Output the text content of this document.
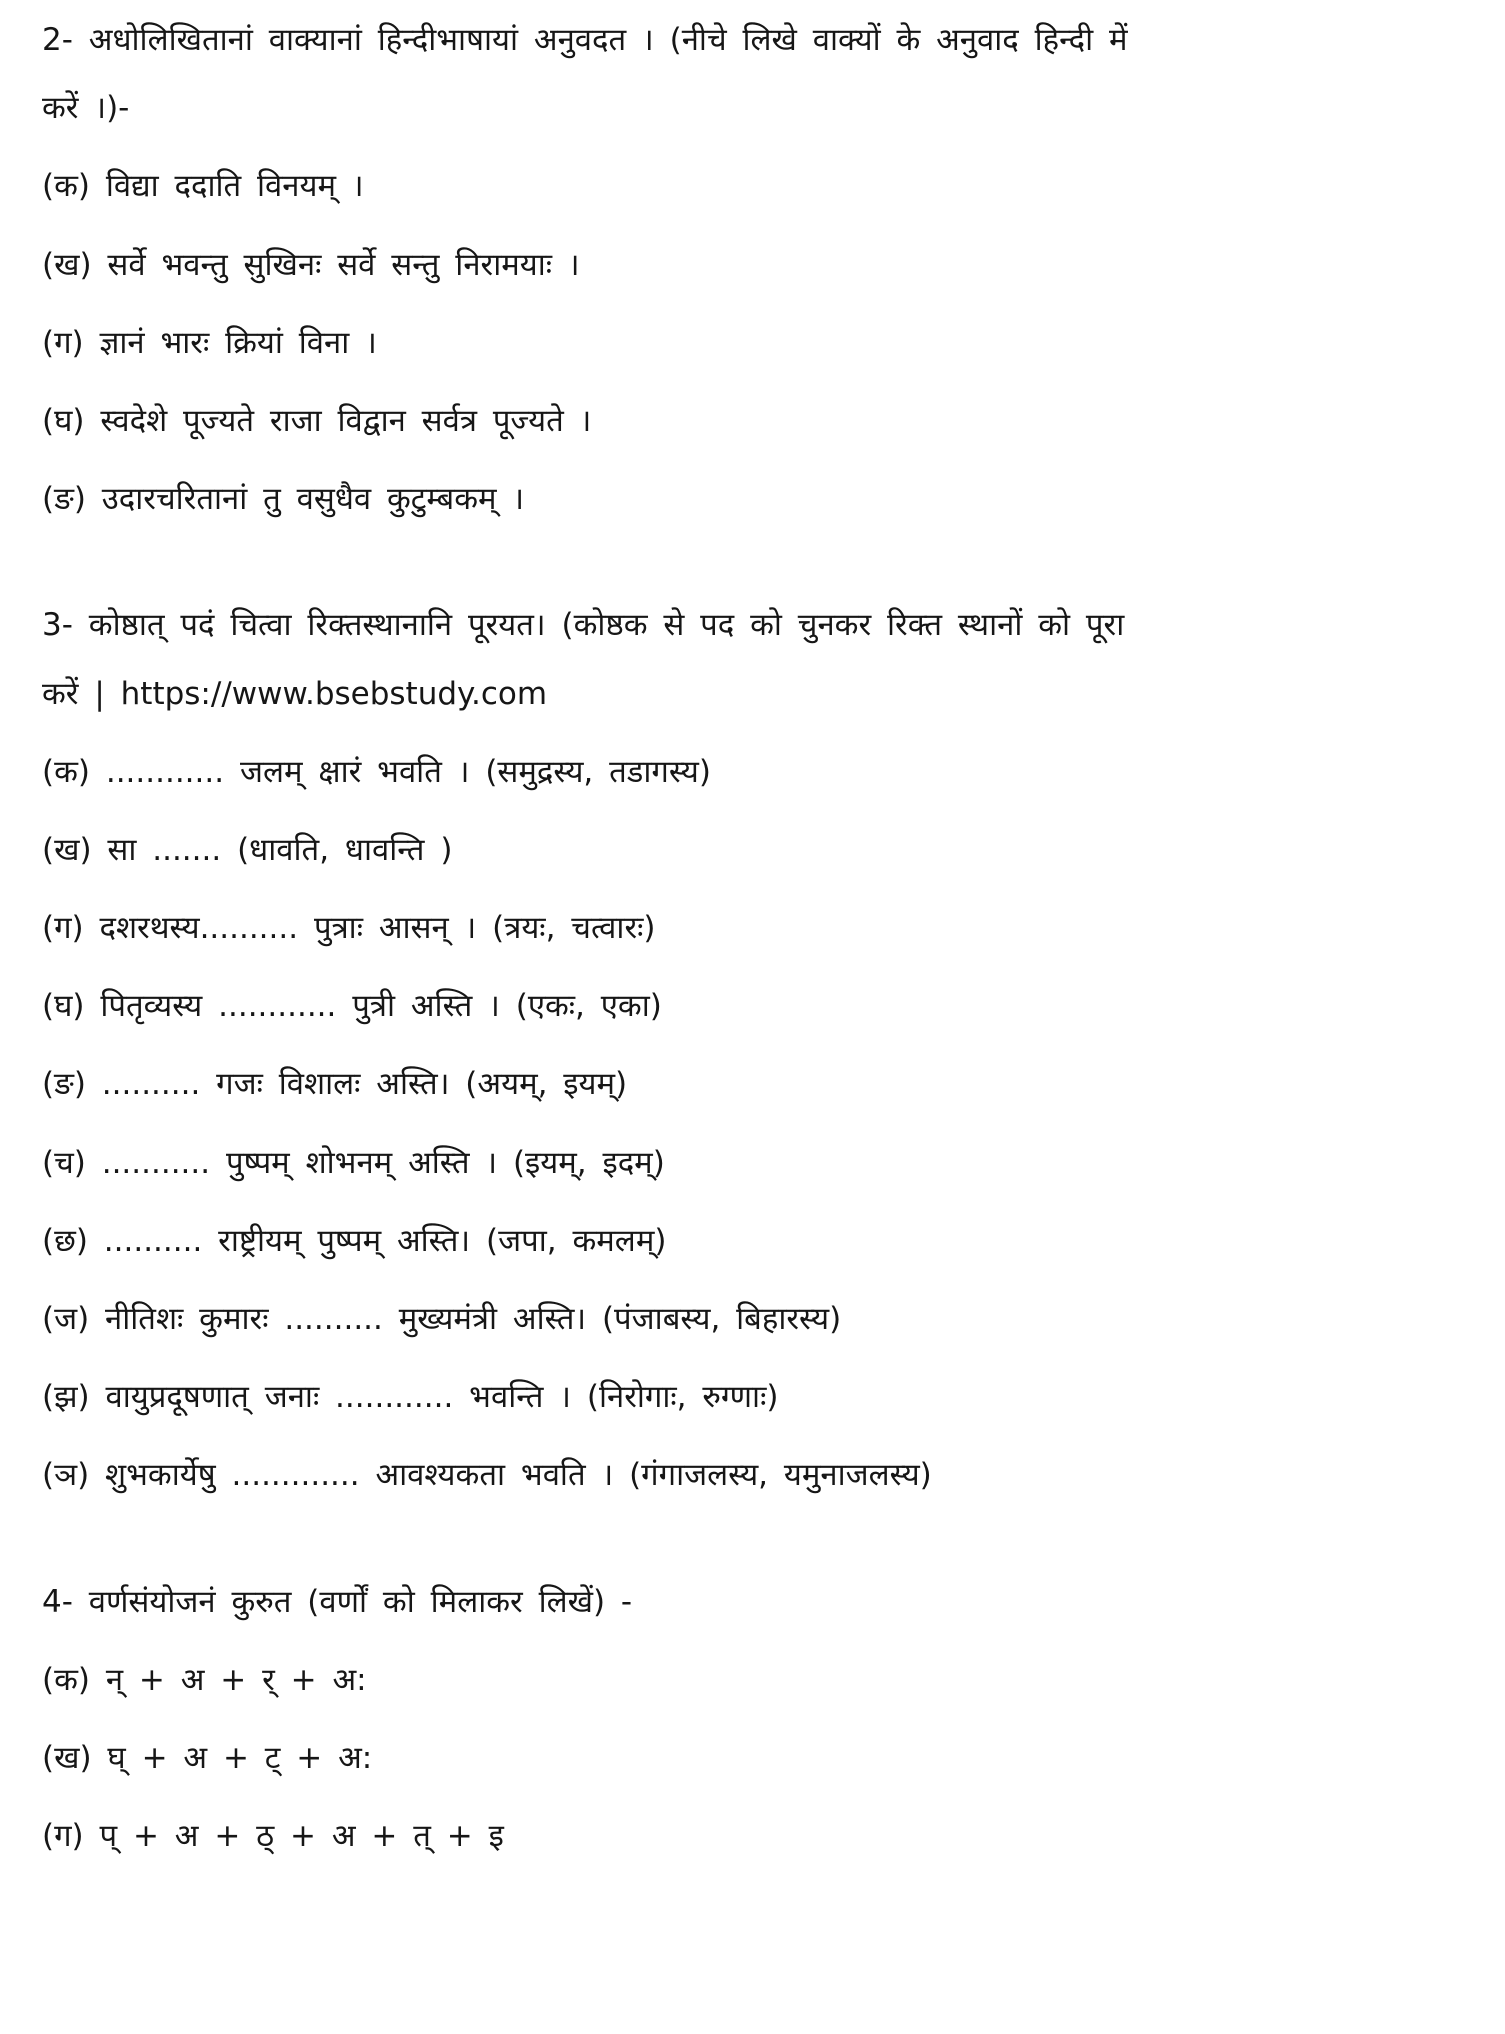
2- अधोलिखितानां वाक्यानां हिन्दीभाषायां अनुवदत । (नीचे लिखे वाक्यों के अनुवाद हिन्दी में करें ।)-

(क) विद्या ददाति विनयम् ।

(ख) सर्वे भवन्तु सुखिनः सर्वे सन्तु निरामयाः ।

(ग) ज्ञानं भारः क्रियां विना ।

(घ) स्वदेशे पूज्यते राजा विद्वान सर्वत्र पूज्यते ।

(ङ) उदारचरितानां तु वसुधैव कुटुम्बकम् ।

3- कोष्ठात् पदं चित्वा रिक्तस्थानानि पूरयत। (कोष्ठक से पद को चुनकर रिक्त स्थानों को पूरा करें | https://www.bsebstudy.com

(क) ............ जलम् क्षारं भवति । (समुद्रस्य, तडागस्य)

(ख) सा ....... (धावति, धावन्ति )

(ग) दशरथस्य.......... पुत्राः आसन् । (त्रयः, चत्वारः)

(घ) पितृव्यस्य ............ पुत्री अस्ति । (एकः, एका)

(ङ) .......... गजः विशालः अस्ति। (अयम्, इयम्)

(च) ........... पुष्पम् शोभनम् अस्ति । (इयम्, इदम्)

(छ) .......... राष्ट्रीयम् पुष्पम् अस्ति। (जपा, कमलम्)

(ज) नीतिशः कुमारः .......... मुख्यमंत्री अस्ति। (पंजाबस्य, बिहारस्य)

(झ) वायुप्रदूषणात् जनाः ............ भवन्ति । (निरोगाः, रुग्णाः)

(ञ) शुभकार्येषु ............. आवश्यकता भवति । (गंगाजलस्य, यमुनाजलस्य)

4- वर्णसंयोजनं कुरुत (वर्णों को मिलाकर लिखें) -

(क) न् + अ + र् + अ:

(ख) घ् + अ + ट् + अ:

(ग) प् + अ + ठ् + अ + त् + इ
